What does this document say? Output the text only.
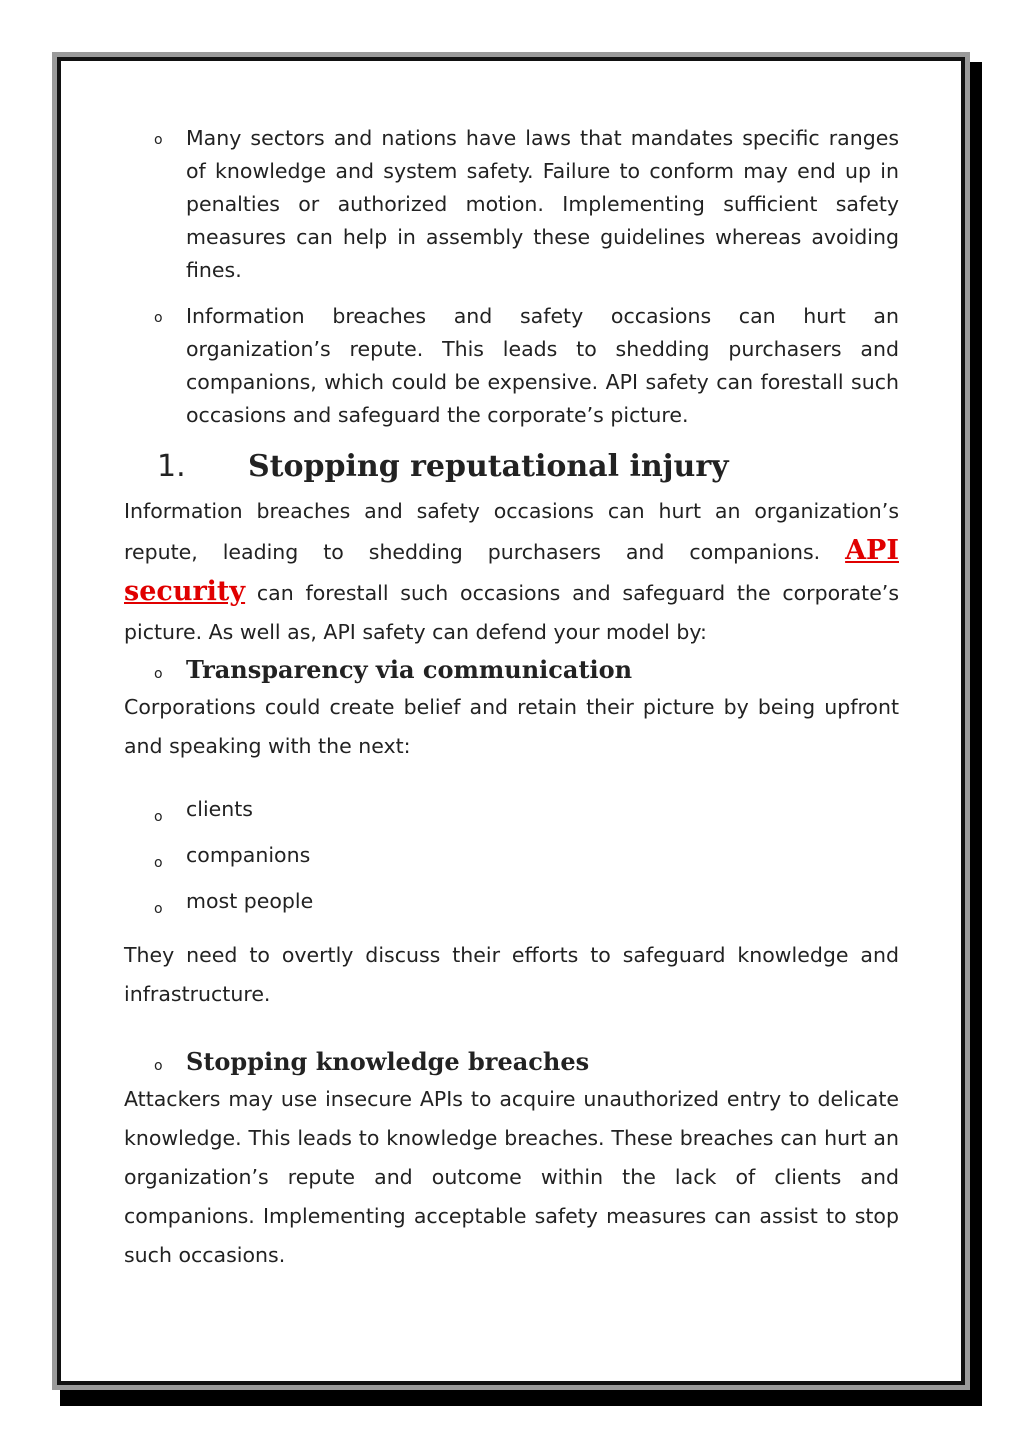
o Many sectors and nations have laws that mandates specific ranges of knowledge and system safety. Failure to conform may end up in penalties or authorized motion. Implementing sufficient safety measures can help in assembly these guidelines whereas avoiding fines.
o Information breaches and safety occasions can hurt an organization’s repute. This leads to shedding purchasers and companions, which could be expensive. API safety can forestall such occasions and safeguard the corporate’s picture.
1. Stopping reputational injury
Information breaches and safety occasions can hurt an organization’s repute, leading to shedding purchasers and companions. API security can forestall such occasions and safeguard the corporate’s picture. As well as, API safety can defend your model by:
o Transparency via communication
Corporations could create belief and retain their picture by being upfront and speaking with the next:
o clients
o companions
o most people
They need to overtly discuss their efforts to safeguard knowledge and infrastructure.
o Stopping knowledge breaches
Attackers may use insecure APIs to acquire unauthorized entry to delicate knowledge. This leads to knowledge breaches. These breaches can hurt an organization’s repute and outcome within the lack of clients and companions. Implementing acceptable safety measures can assist to stop such occasions.
